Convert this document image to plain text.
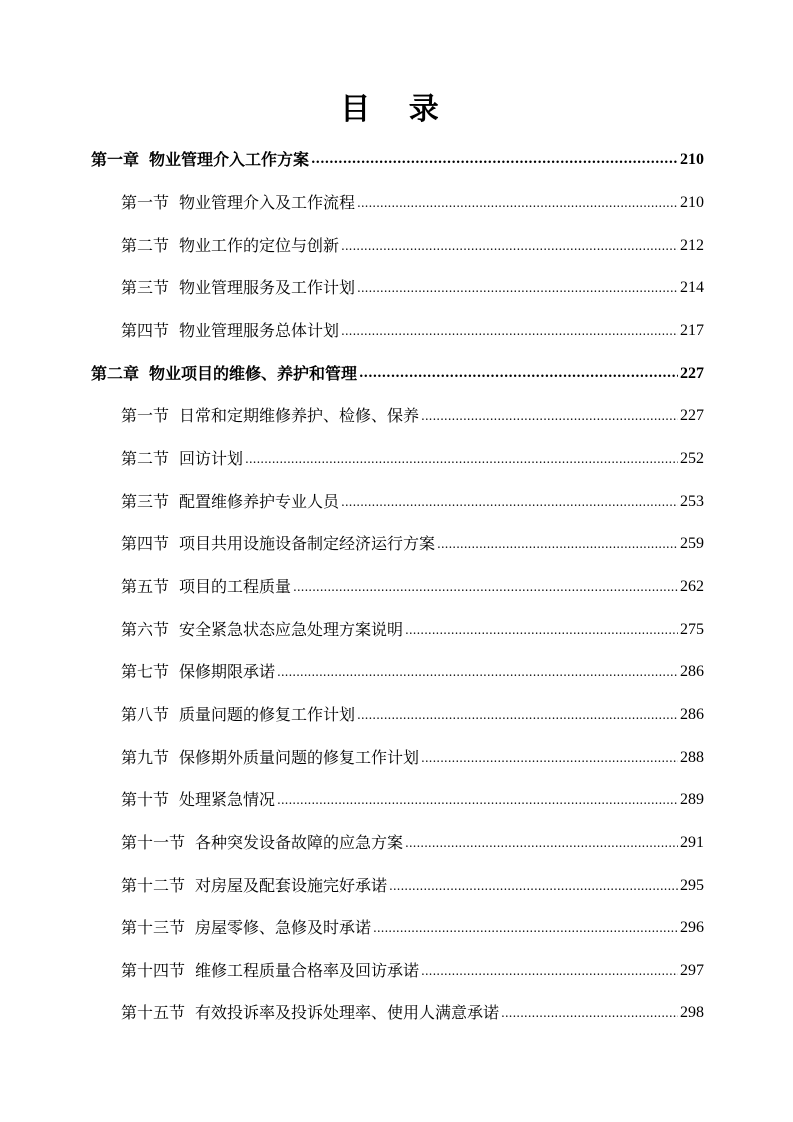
目 录
第一章 物业管理介入工作方案 .....	210
第一节 物业管理介入及工作流程 .....	210
第二节 物业工作的定位与创新 .....	212
第三节 物业管理服务及工作计划 .....	214
第四节 物业管理服务总体计划 .....	217
第二章 物业项目的维修、养护和管理 .....	227
第一节 日常和定期维修养护、检修、保养 .....	227
第二节 回访计划 .....	252
第三节 配置维修养护专业人员 .....	253
第四节 项目共用设施设备制定经济运行方案 .....	259
第五节 项目的工程质量 .....	262
第六节 安全紧急状态应急处理方案说明 .....	275
第七节 保修期限承诺 .....	286
第八节 质量问题的修复工作计划 .....	286
第九节 保修期外质量问题的修复工作计划 .....	288
第十节 处理紧急情况 .....	289
第十一节 各种突发设备故障的应急方案 .....	291
第十二节 对房屋及配套设施完好承诺 .....	295
第十三节 房屋零修、急修及时承诺 .....	296
第十四节 维修工程质量合格率及回访承诺 .....	297
第十五节 有效投诉率及投诉处理率、使用人满意承诺 .....	298
